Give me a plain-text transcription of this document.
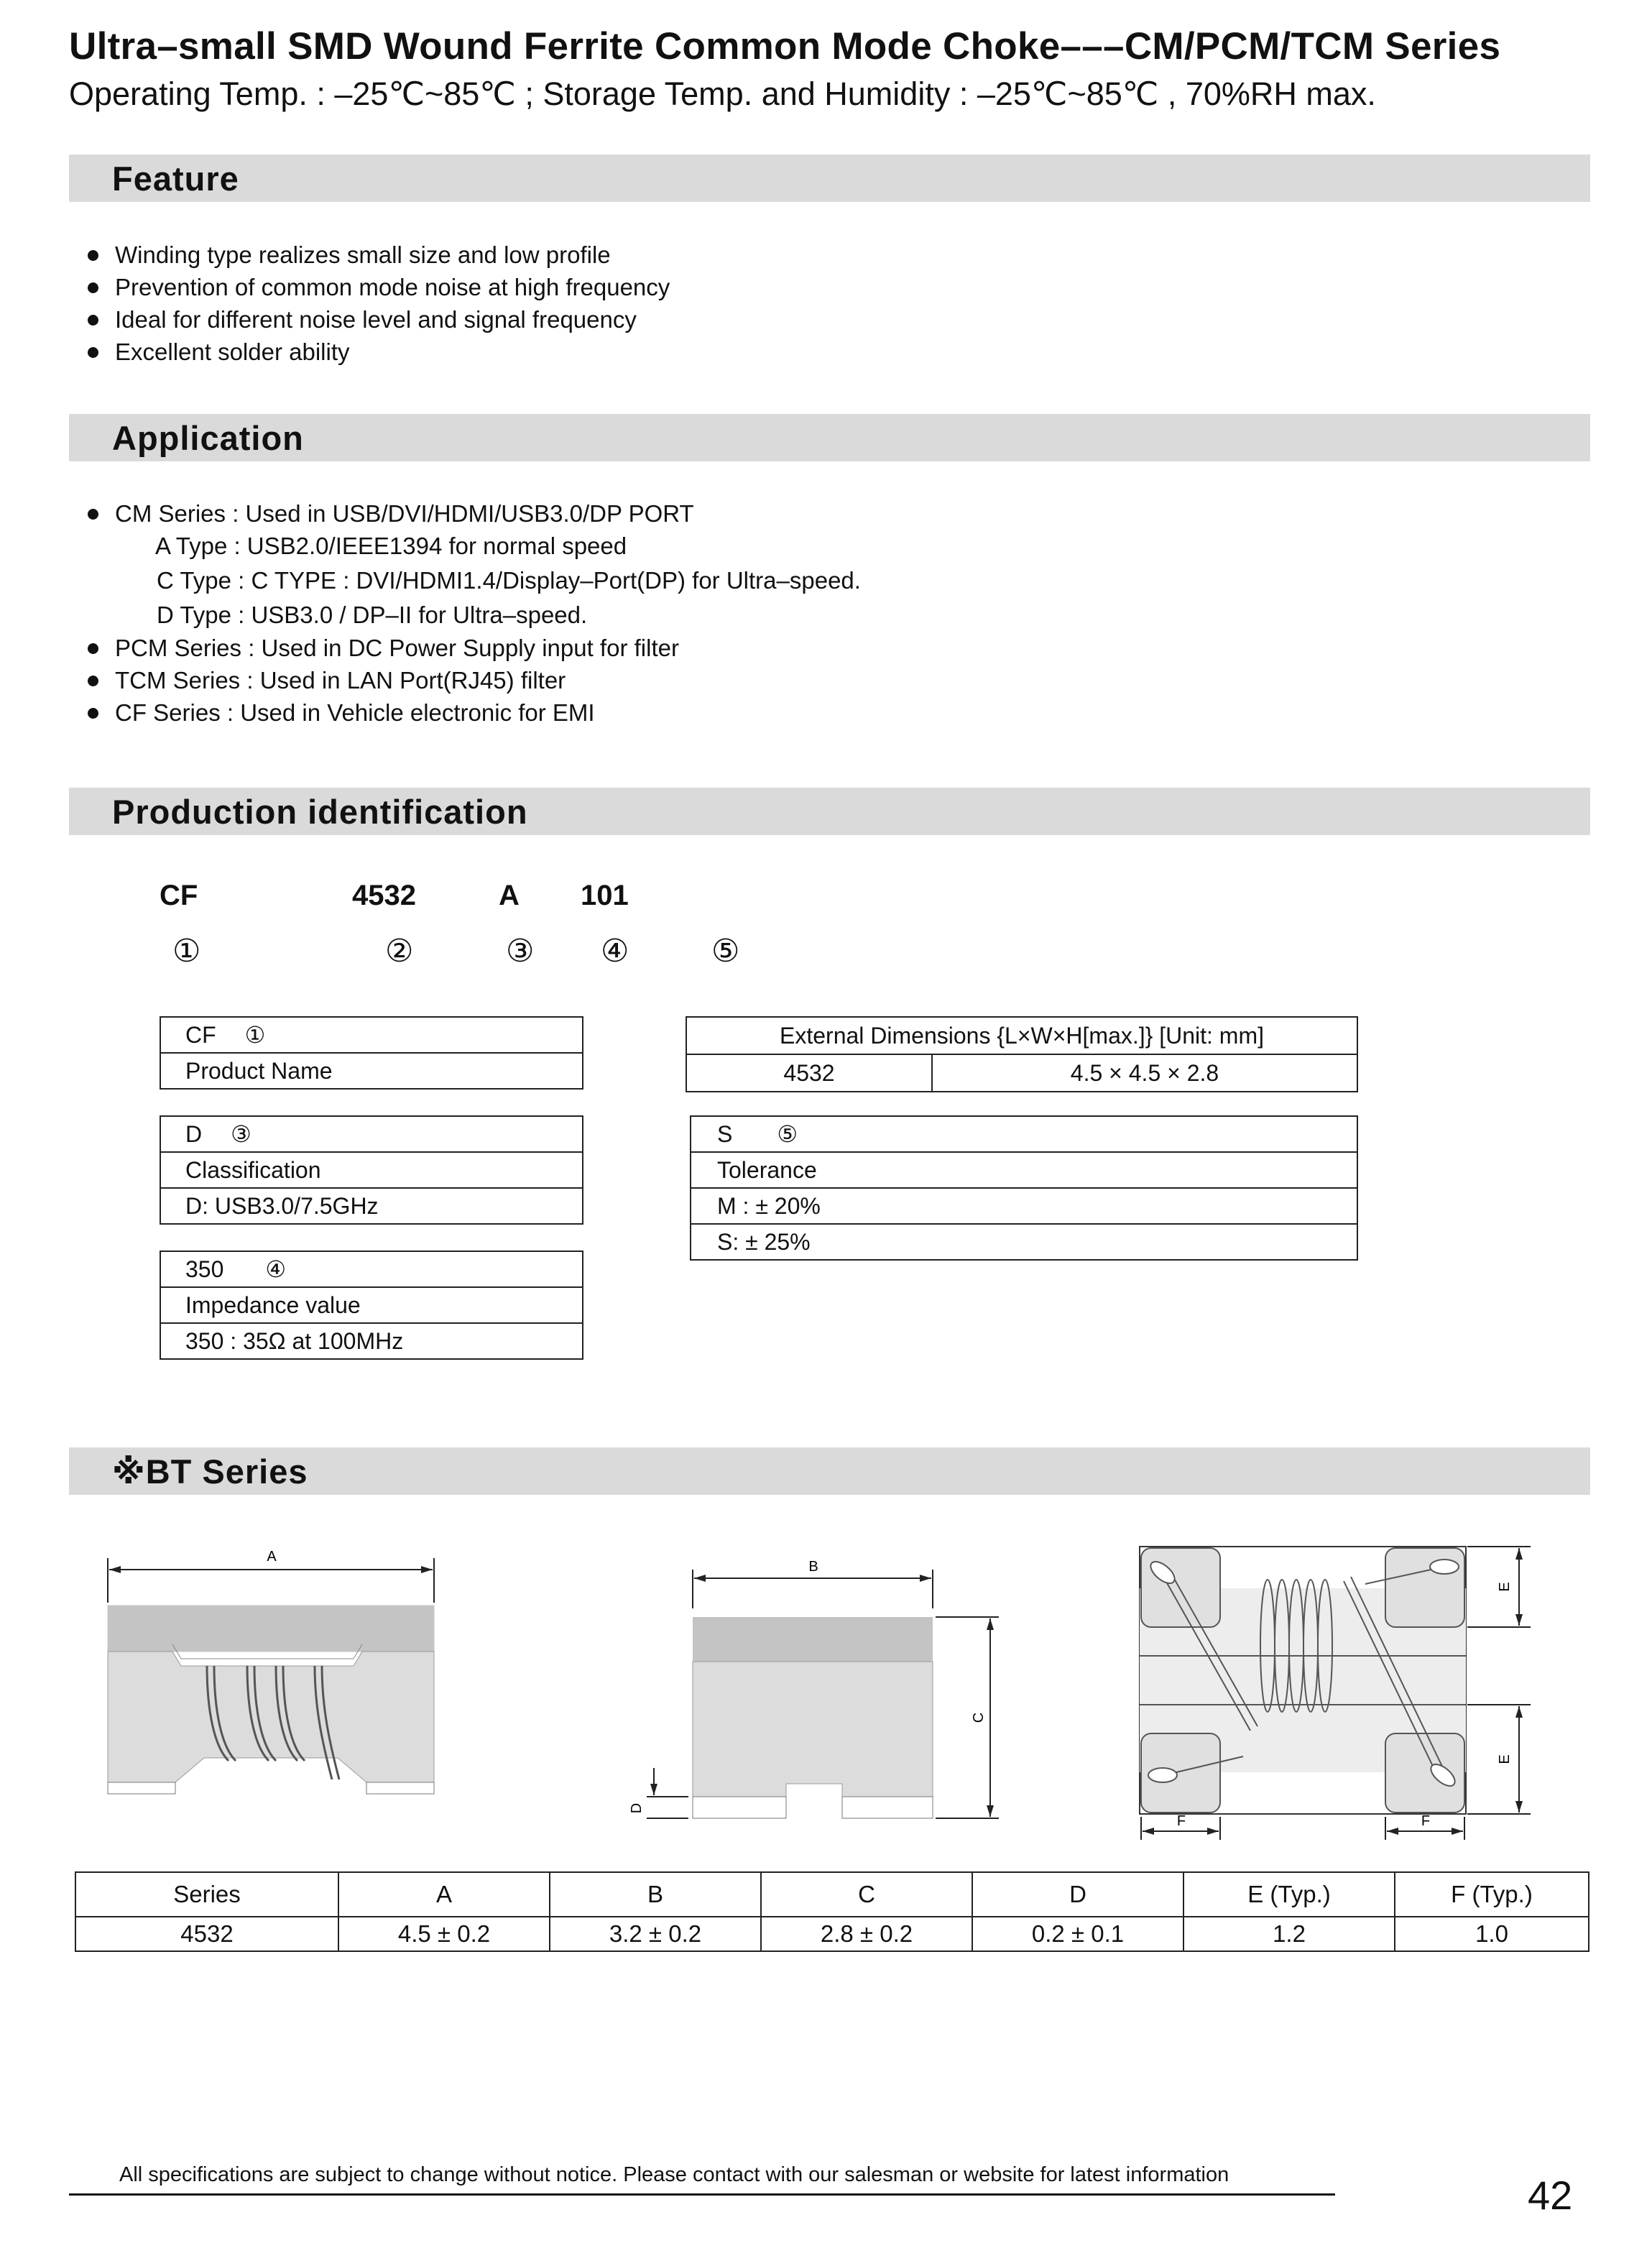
Ultra–small SMD Wound Ferrite Common Mode Choke–––CM/PCM/TCM Series
Operating Temp. : –25℃~85℃ ; Storage Temp. and Humidity : –25℃~85℃ , 70%RH max.
Feature
Winding type realizes small size and low profile
Prevention of common mode noise at high frequency
Ideal for different noise level and signal frequency
Excellent solder ability
Application
CM Series : Used in USB/DVI/HDMI/USB3.0/DP PORT
A Type : USB2.0/IEEE1394 for normal speed
C Type : C TYPE : DVI/HDMI1.4/Display–Port(DP) for Ultra–speed.
D Type : USB3.0 / DP–II for Ultra–speed.
PCM Series : Used in DC Power Supply input for filter
TCM Series : Used in LAN Port(RJ45) filter
CF Series : Used in Vehicle electronic for EMI
Production identification
CF	4532	A 101
①	②	③ ④	⑤
CF ①
Product Name
D ③
Classification
D: USB3.0/7.5GHz
350 ④
Impedance value
350 : 35Ω at 100MHz
External Dimensions {L×W×H[max.]} [Unit: mm]
4532	4.5 × 4.5 × 2.8
S ⑤
Tolerance
M : ± 20%
S: ± 25%
※BT Series
A
B
C
D
E
E
F	F
Series	A	B	C	D	E (Typ.)	F (Typ.)
4532	4.5 ± 0.2	3.2 ± 0.2	2.8 ± 0.2	0.2 ± 0.1	1.2	1.0
All specifications are subject to change without notice. Please contact with our salesman or website for latest information	42
